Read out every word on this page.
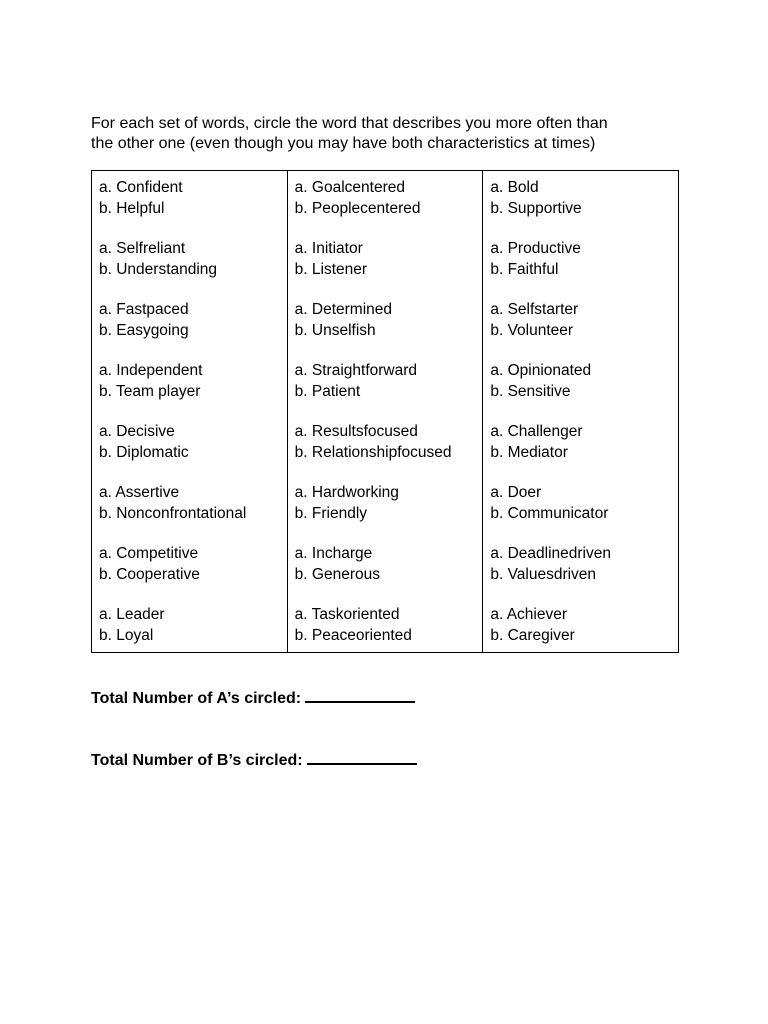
For each set of words, circle the word that describes you more often than
the other one (even though you may have both characteristics at times)
a. Confident
b. Helpful
a. Selfreliant
b. Understanding
a. Fastpaced
b. Easygoing
a. Independent
b. Team player
a. Decisive
b. Diplomatic
a. Assertive
b. Nonconfrontational
a. Competitive
b. Cooperative
a. Leader
b. Loyal
a. Goalcentered
b. Peoplecentered
a. Initiator
b. Listener
a. Determined
b. Unselfish
a. Straightforward
b. Patient
a. Resultsfocused
b. Relationshipfocused
a. Hardworking
b. Friendly
a. Incharge
b. Generous
a. Taskoriented
b. Peaceoriented
a. Bold
b. Supportive
a. Productive
b. Faithful
a. Selfstarter
b. Volunteer
a. Opinionated
b. Sensitive
a. Challenger
b. Mediator
a. Doer
b. Communicator
a. Deadlinedriven
b. Valuesdriven
a. Achiever
b. Caregiver
Total Number of A’s circled:
Total Number of B’s circled:
